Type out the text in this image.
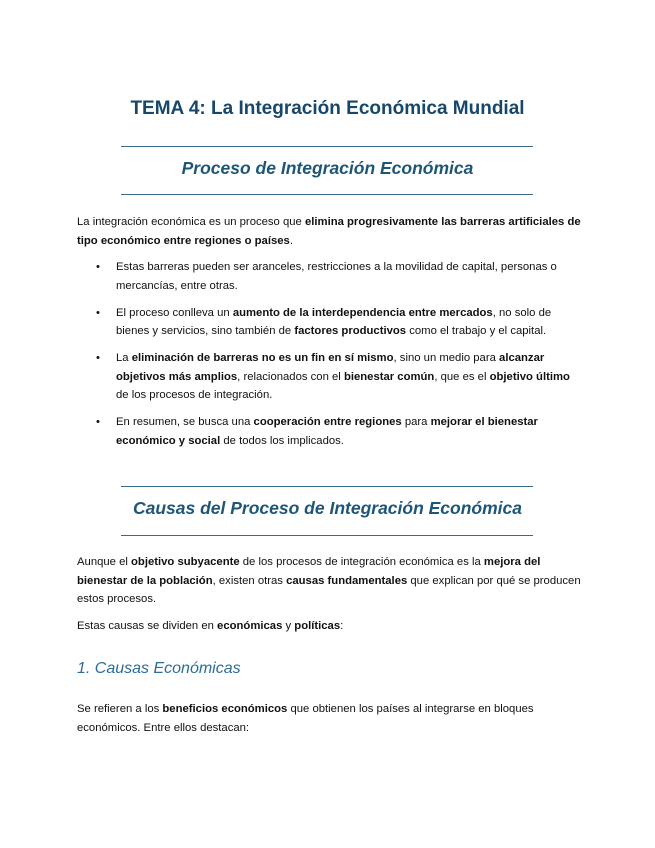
TEMA 4: La Integración Económica Mundial
Proceso de Integración Económica

La integración económica es un proceso que elimina progresivamente las barreras artificiales de tipo económico entre regiones o países.

• Estas barreras pueden ser aranceles, restricciones a la movilidad de capital, personas o mercancías, entre otras.
• El proceso conlleva un aumento de la interdependencia entre mercados, no solo de bienes y servicios, sino también de factores productivos como el trabajo y el capital.
• La eliminación de barreras no es un fin en sí mismo, sino un medio para alcanzar objetivos más amplios, relacionados con el bienestar común, que es el objetivo último de los procesos de integración.
• En resumen, se busca una cooperación entre regiones para mejorar el bienestar económico y social de todos los implicados.
Causas del Proceso de Integración Económica

Aunque el objetivo subyacente de los procesos de integración económica es la mejora del bienestar de la población, existen otras causas fundamentales que explican por qué se producen estos procesos.

Estas causas se dividen en económicas y políticas:

1. Causas Económicas

Se refieren a los beneficios económicos que obtienen los países al integrarse en bloques económicos. Entre ellos destacan:
